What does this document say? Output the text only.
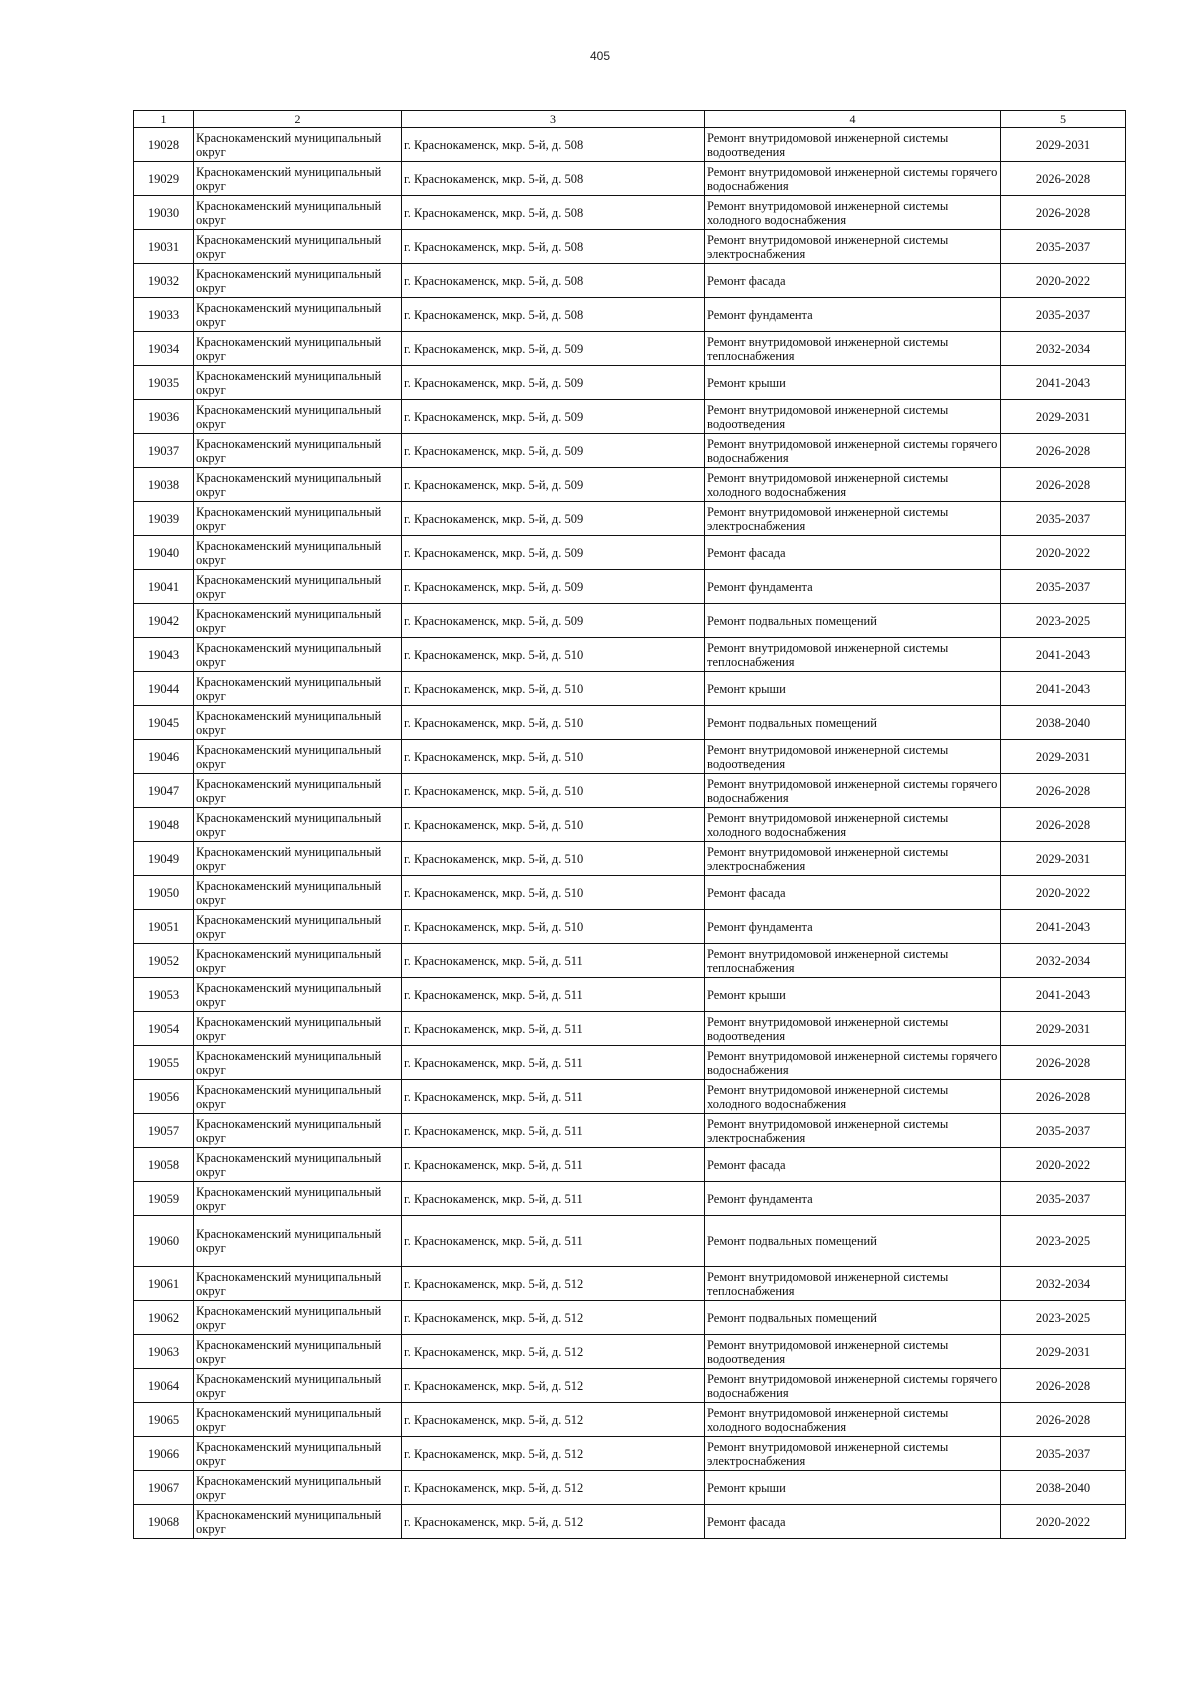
405
1	2	3	4	5
19028	Краснокаменский муниципальный округ	г. Краснокаменск, мкр. 5-й, д. 508	Ремонт внутридомовой инженерной системы водоотведения	2029-2031
19029	Краснокаменский муниципальный округ	г. Краснокаменск, мкр. 5-й, д. 508	Ремонт внутридомовой инженерной системы горячего водоснабжения	2026-2028
19030	Краснокаменский муниципальный округ	г. Краснокаменск, мкр. 5-й, д. 508	Ремонт внутридомовой инженерной системы холодного водоснабжения	2026-2028
19031	Краснокаменский муниципальный округ	г. Краснокаменск, мкр. 5-й, д. 508	Ремонт внутридомовой инженерной системы электроснабжения	2035-2037
19032	Краснокаменский муниципальный округ	г. Краснокаменск, мкр. 5-й, д. 508	Ремонт фасада	2020-2022
19033	Краснокаменский муниципальный округ	г. Краснокаменск, мкр. 5-й, д. 508	Ремонт фундамента	2035-2037
19034	Краснокаменский муниципальный округ	г. Краснокаменск, мкр. 5-й, д. 509	Ремонт внутридомовой инженерной системы теплоснабжения	2032-2034
19035	Краснокаменский муниципальный округ	г. Краснокаменск, мкр. 5-й, д. 509	Ремонт крыши	2041-2043
19036	Краснокаменский муниципальный округ	г. Краснокаменск, мкр. 5-й, д. 509	Ремонт внутридомовой инженерной системы водоотведения	2029-2031
19037	Краснокаменский муниципальный округ	г. Краснокаменск, мкр. 5-й, д. 509	Ремонт внутридомовой инженерной системы горячего водоснабжения	2026-2028
19038	Краснокаменский муниципальный округ	г. Краснокаменск, мкр. 5-й, д. 509	Ремонт внутридомовой инженерной системы холодного водоснабжения	2026-2028
19039	Краснокаменский муниципальный округ	г. Краснокаменск, мкр. 5-й, д. 509	Ремонт внутридомовой инженерной системы электроснабжения	2035-2037
19040	Краснокаменский муниципальный округ	г. Краснокаменск, мкр. 5-й, д. 509	Ремонт фасада	2020-2022
19041	Краснокаменский муниципальный округ	г. Краснокаменск, мкр. 5-й, д. 509	Ремонт фундамента	2035-2037
19042	Краснокаменский муниципальный округ	г. Краснокаменск, мкр. 5-й, д. 509	Ремонт подвальных помещений	2023-2025
19043	Краснокаменский муниципальный округ	г. Краснокаменск, мкр. 5-й, д. 510	Ремонт внутридомовой инженерной системы теплоснабжения	2041-2043
19044	Краснокаменский муниципальный округ	г. Краснокаменск, мкр. 5-й, д. 510	Ремонт крыши	2041-2043
19045	Краснокаменский муниципальный округ	г. Краснокаменск, мкр. 5-й, д. 510	Ремонт подвальных помещений	2038-2040
19046	Краснокаменский муниципальный округ	г. Краснокаменск, мкр. 5-й, д. 510	Ремонт внутридомовой инженерной системы водоотведения	2029-2031
19047	Краснокаменский муниципальный округ	г. Краснокаменск, мкр. 5-й, д. 510	Ремонт внутридомовой инженерной системы горячего водоснабжения	2026-2028
19048	Краснокаменский муниципальный округ	г. Краснокаменск, мкр. 5-й, д. 510	Ремонт внутридомовой инженерной системы холодного водоснабжения	2026-2028
19049	Краснокаменский муниципальный округ	г. Краснокаменск, мкр. 5-й, д. 510	Ремонт внутридомовой инженерной системы электроснабжения	2029-2031
19050	Краснокаменский муниципальный округ	г. Краснокаменск, мкр. 5-й, д. 510	Ремонт фасада	2020-2022
19051	Краснокаменский муниципальный округ	г. Краснокаменск, мкр. 5-й, д. 510	Ремонт фундамента	2041-2043
19052	Краснокаменский муниципальный округ	г. Краснокаменск, мкр. 5-й, д. 511	Ремонт внутридомовой инженерной системы теплоснабжения	2032-2034
19053	Краснокаменский муниципальный округ	г. Краснокаменск, мкр. 5-й, д. 511	Ремонт крыши	2041-2043
19054	Краснокаменский муниципальный округ	г. Краснокаменск, мкр. 5-й, д. 511	Ремонт внутридомовой инженерной системы водоотведения	2029-2031
19055	Краснокаменский муниципальный округ	г. Краснокаменск, мкр. 5-й, д. 511	Ремонт внутридомовой инженерной системы горячего водоснабжения	2026-2028
19056	Краснокаменский муниципальный округ	г. Краснокаменск, мкр. 5-й, д. 511	Ремонт внутридомовой инженерной системы холодного водоснабжения	2026-2028
19057	Краснокаменский муниципальный округ	г. Краснокаменск, мкр. 5-й, д. 511	Ремонт внутридомовой инженерной системы электроснабжения	2035-2037
19058	Краснокаменский муниципальный округ	г. Краснокаменск, мкр. 5-й, д. 511	Ремонт фасада	2020-2022
19059	Краснокаменский муниципальный округ	г. Краснокаменск, мкр. 5-й, д. 511	Ремонт фундамента	2035-2037
19060	Краснокаменский муниципальный округ	г. Краснокаменск, мкр. 5-й, д. 511	Ремонт подвальных помещений	2023-2025
19061	Краснокаменский муниципальный округ	г. Краснокаменск, мкр. 5-й, д. 512	Ремонт внутридомовой инженерной системы теплоснабжения	2032-2034
19062	Краснокаменский муниципальный округ	г. Краснокаменск, мкр. 5-й, д. 512	Ремонт подвальных помещений	2023-2025
19063	Краснокаменский муниципальный округ	г. Краснокаменск, мкр. 5-й, д. 512	Ремонт внутридомовой инженерной системы водоотведения	2029-2031
19064	Краснокаменский муниципальный округ	г. Краснокаменск, мкр. 5-й, д. 512	Ремонт внутридомовой инженерной системы горячего водоснабжения	2026-2028
19065	Краснокаменский муниципальный округ	г. Краснокаменск, мкр. 5-й, д. 512	Ремонт внутридомовой инженерной системы холодного водоснабжения	2026-2028
19066	Краснокаменский муниципальный округ	г. Краснокаменск, мкр. 5-й, д. 512	Ремонт внутридомовой инженерной системы электроснабжения	2035-2037
19067	Краснокаменский муниципальный округ	г. Краснокаменск, мкр. 5-й, д. 512	Ремонт крыши	2038-2040
19068	Краснокаменский муниципальный округ	г. Краснокаменск, мкр. 5-й, д. 512	Ремонт фасада	2020-2022
